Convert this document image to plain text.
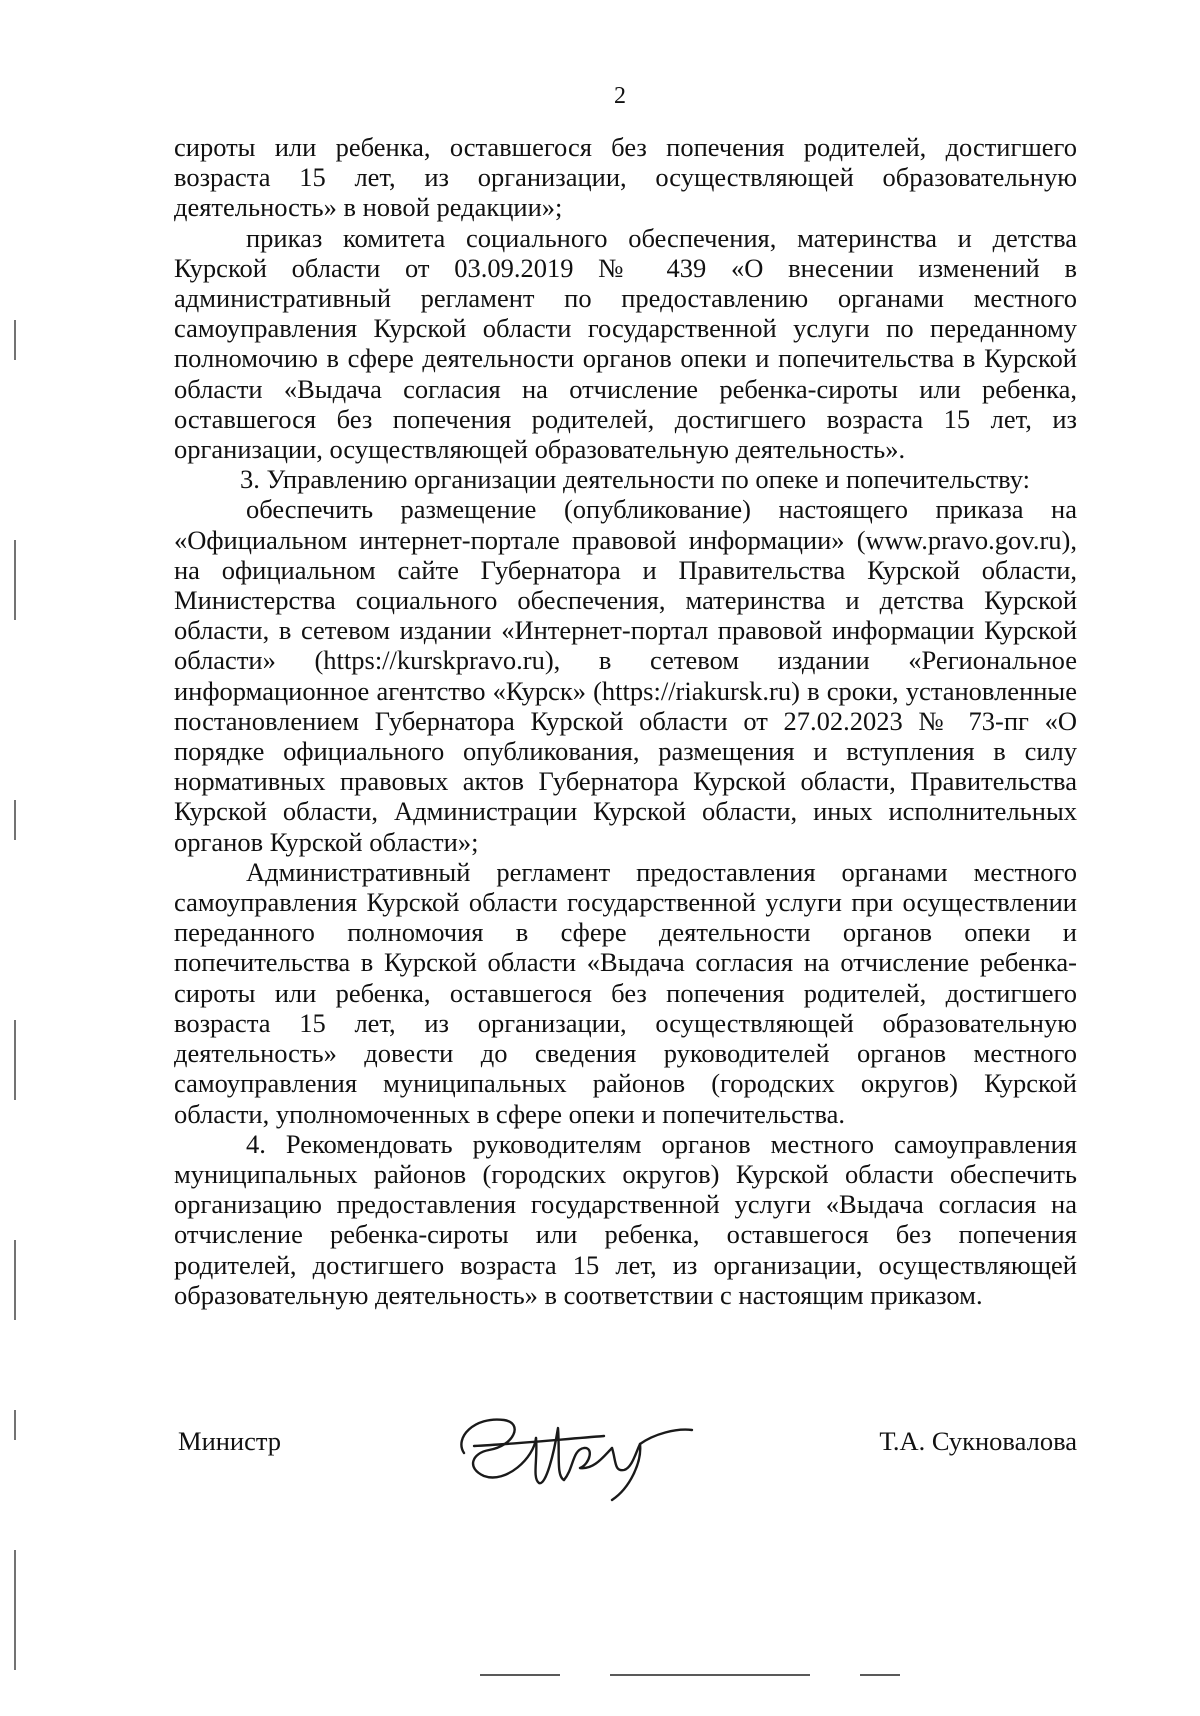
2

сироты или ребенка, оставшегося без попечения родителей, достигшего возраста 15 лет, из организации, осуществляющей образовательную деятельность» в новой редакции»;

приказ комитета социального обеспечения, материнства и детства Курской области от 03.09.2019 № 439 «О внесении изменений в административный регламент по предоставлению органами местного самоуправления Курской области государственной услуги по переданному полномочию в сфере деятельности органов опеки и попечительства в Курской области «Выдача согласия на отчисление ребенка-сироты или ребенка, оставшегося без попечения родителей, достигшего возраста 15 лет, из организации, осуществляющей образовательную деятельность».

3. Управлению организации деятельности по опеке и попечительству:

обеспечить размещение (опубликование) настоящего приказа на «Официальном интернет-портале правовой информации» (www.pravo.gov.ru), на официальном сайте Губернатора и Правительства Курской области, Министерства социального обеспечения, материнства и детства Курской области, в сетевом издании «Интернет-портал правовой информации Курской области» (https://kurskpravo.ru), в сетевом издании «Региональное информационное агентство «Курск» (https://riakursk.ru) в сроки, установленные постановлением Губернатора Курской области от 27.02.2023 № 73-пг «О порядке официального опубликования, размещения и вступления в силу нормативных правовых актов Губернатора Курской области, Правительства Курской области, Администрации Курской области, иных исполнительных органов Курской области»;

Административный регламент предоставления органами местного самоуправления Курской области государственной услуги при осуществлении переданного полномочия в сфере деятельности органов опеки и попечительства в Курской области «Выдача согласия на отчисление ребенка-сироты или ребенка, оставшегося без попечения родителей, достигшего возраста 15 лет, из организации, осуществляющей образовательную деятельность» довести до сведения руководителей органов местного самоуправления муниципальных районов (городских округов) Курской области, уполномоченных в сфере опеки и попечительства.

4. Рекомендовать руководителям органов местного самоуправления муниципальных районов (городских округов) Курской области обеспечить организацию предоставления государственной услуги «Выдача согласия на отчисление ребенка-сироты или ребенка, оставшегося без попечения родителей, достигшего возраста 15 лет, из организации, осуществляющей образовательную деятельность» в соответствии с настоящим приказом.

Министр	Т.А. Сукновалова
